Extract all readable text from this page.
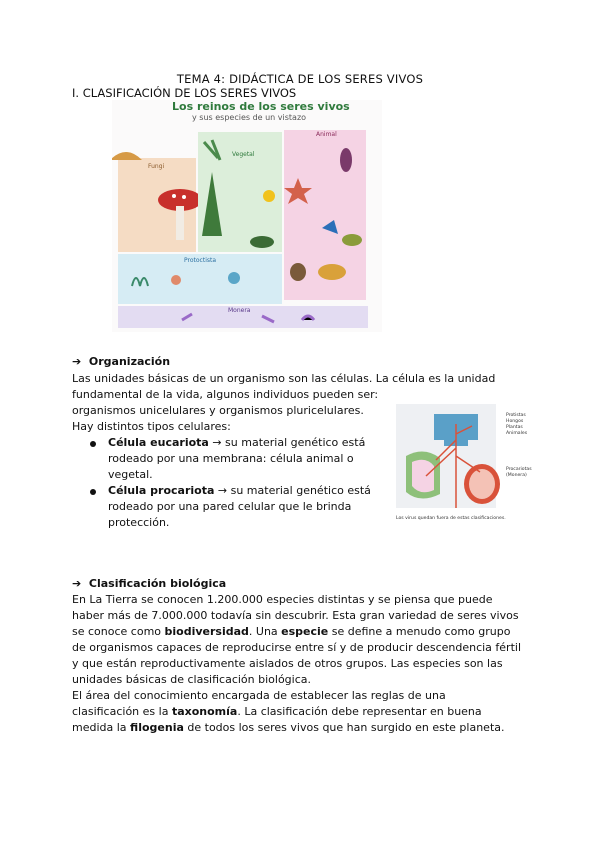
TEMA 4: DIDÁCTICA DE LOS SERES VIVOS
I. CLASIFICACIÓN DE LOS SERES VIVOS
Los reinos de los seres vivos
y sus especies de un vistazo
Fungi
Vegetal
Animal
Protoctista
Monera
➔ Organización
Las unidades básicas de un organismo son las células. La célula es la unidad
fundamental de la vida, algunos individuos pueden ser:
organismos unicelulares y organismos pluricelulares.
Hay distintos tipos celulares:
Célula eucariota → su material genético está
rodeado por una membrana: célula animal o
vegetal.
Célula procariota → su material genético está
rodeado por una pared celular que le brinda
protección.
Protistas
Hongos
Plantas
Animales
Procariotas
(Monera)
Los virus quedan fuera de estas clasificaciones.
➔ Clasificación biológica
En La Tierra se conocen 1.200.000 especies distintas y se piensa que puede
haber más de 7.000.000 todavía sin descubrir. Esta gran variedad de seres vivos
se conoce como biodiversidad. Una especie se define a menudo como grupo
de organismos capaces de reproducirse entre sí y de producir descendencia fértil
y que están reproductivamente aislados de otros grupos. Las especies son las
unidades básicas de clasificación biológica.
El área del conocimiento encargada de establecer las reglas de una
clasificación es la taxonomía. La clasificación debe representar en buena
medida la filogenia de todos los seres vivos que han surgido en este planeta.
